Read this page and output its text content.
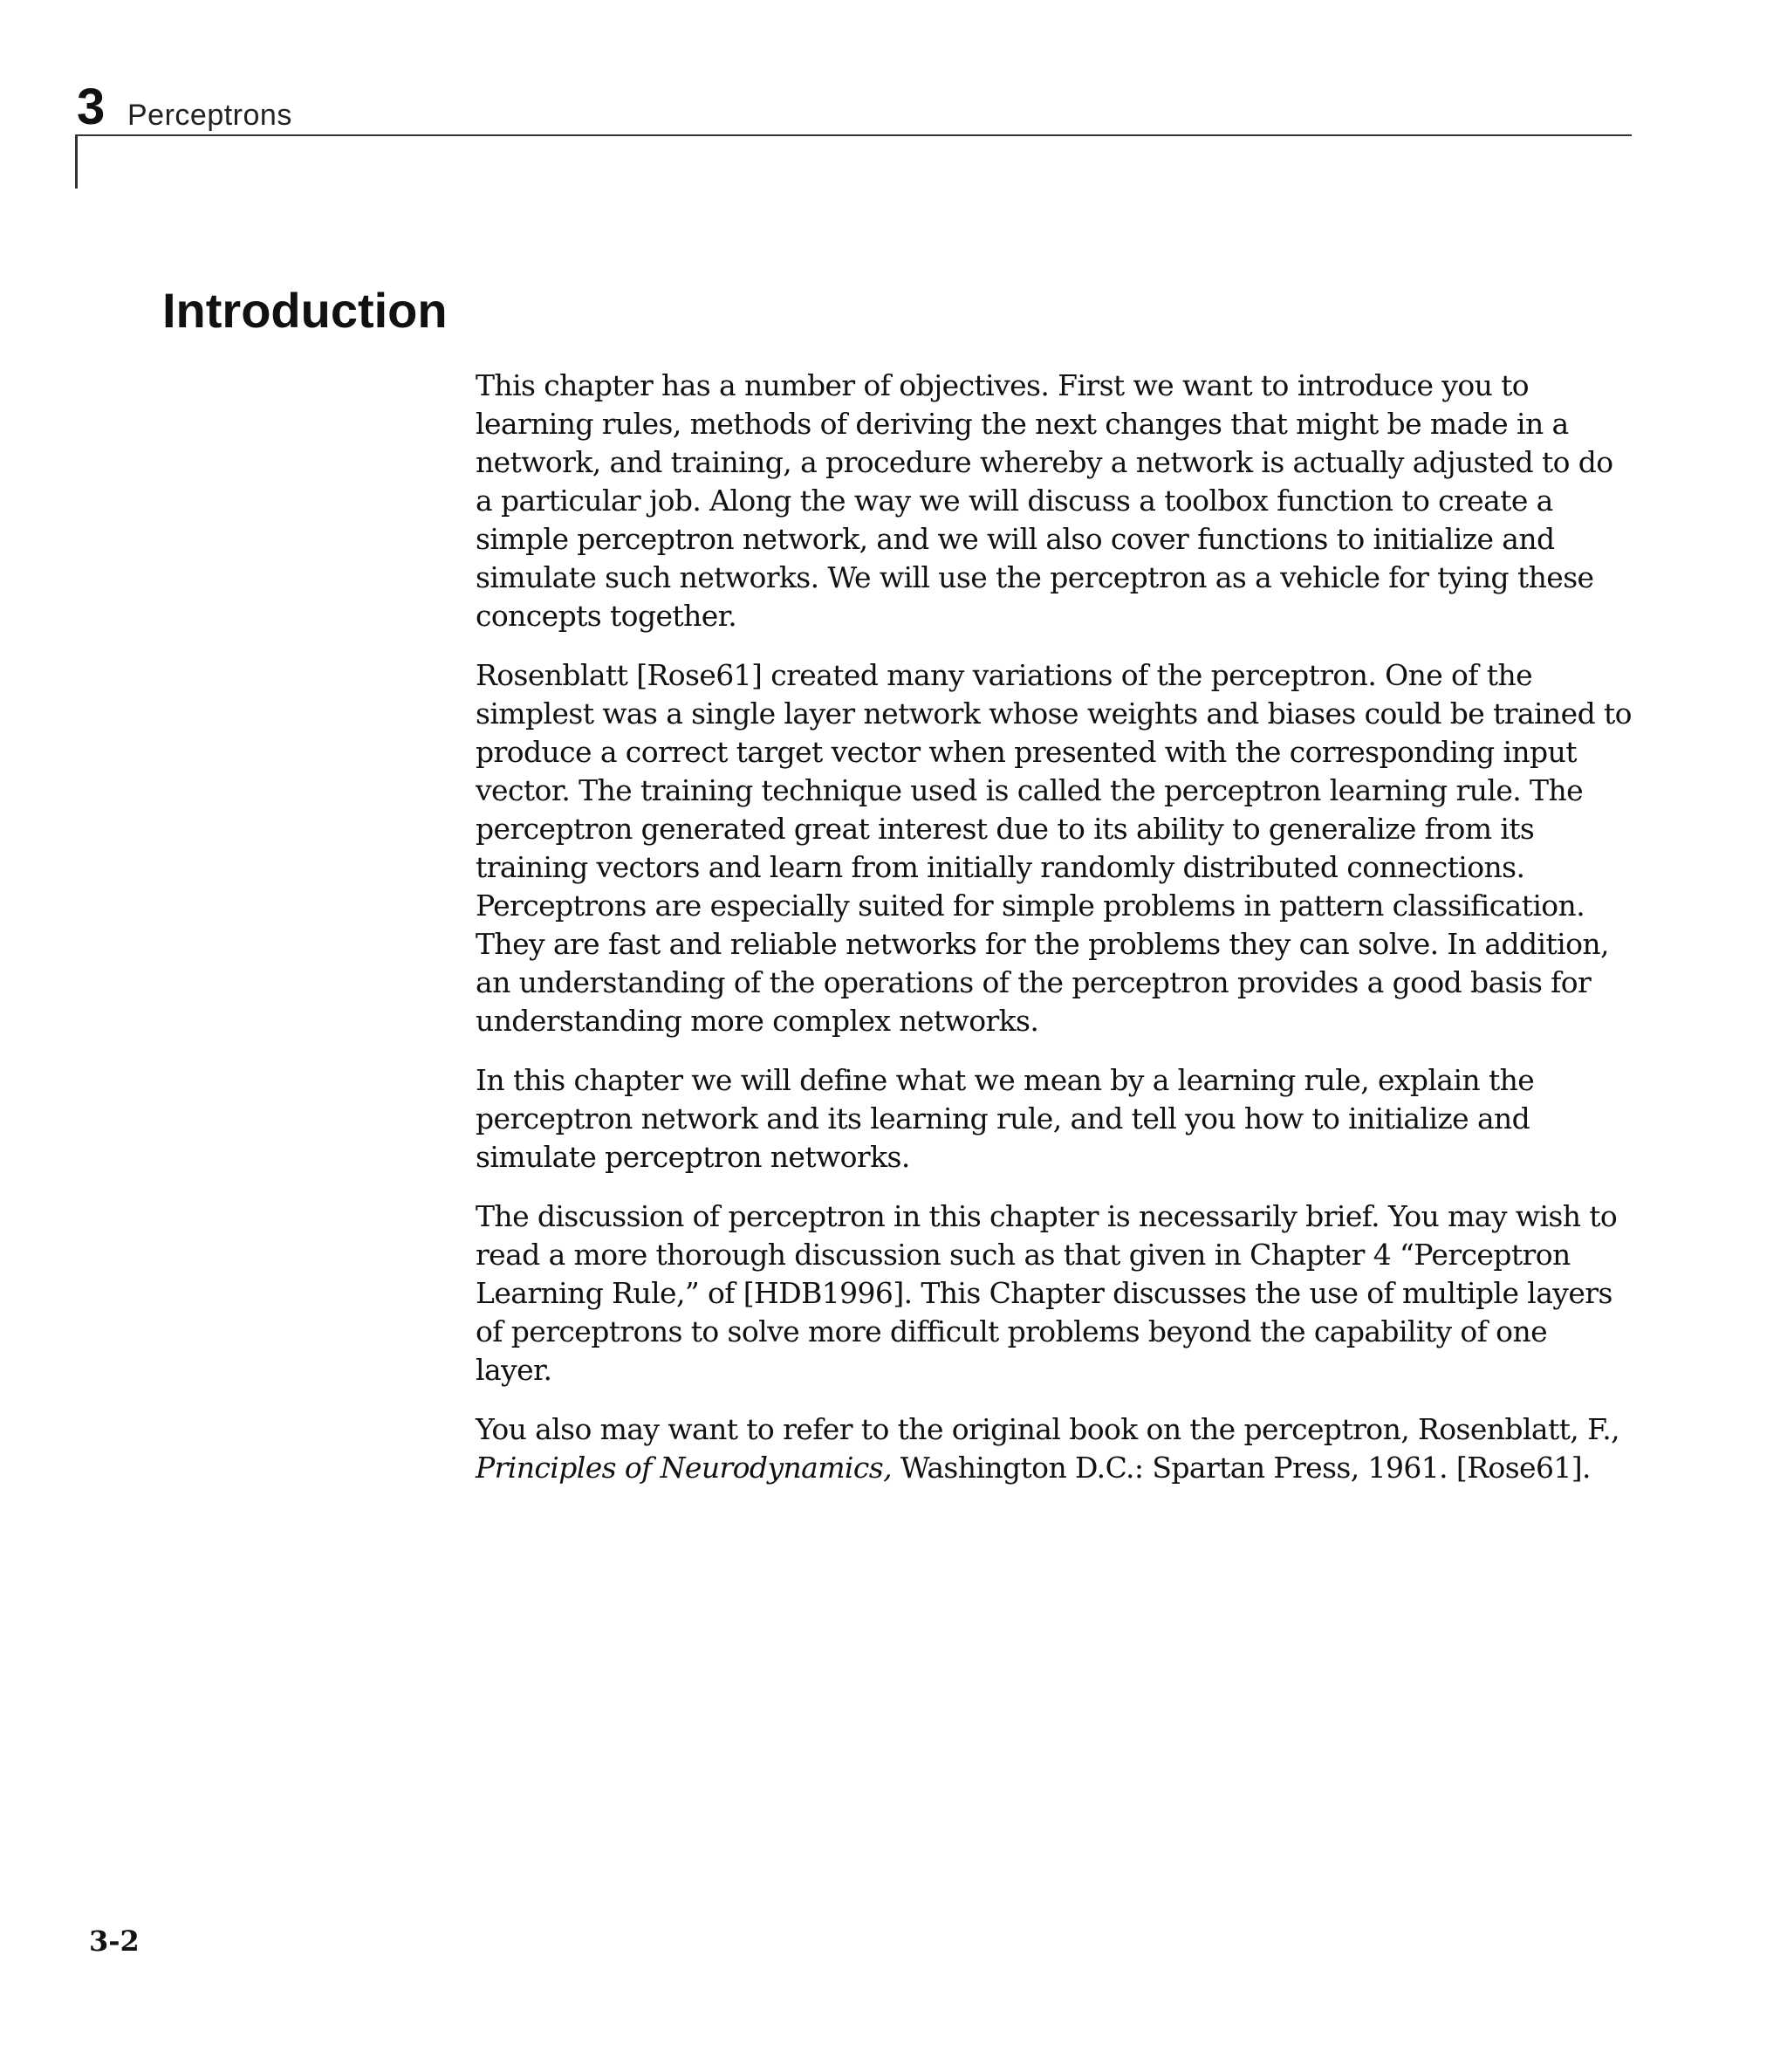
3 Perceptrons
Introduction

This chapter has a number of objectives. First we want to introduce you to learning rules, methods of deriving the next changes that might be made in a network, and training, a procedure whereby a network is actually adjusted to do a particular job. Along the way we will discuss a toolbox function to create a simple perceptron network, and we will also cover functions to initialize and simulate such networks. We will use the perceptron as a vehicle for tying these concepts together.

Rosenblatt [Rose61] created many variations of the perceptron. One of the simplest was a single layer network whose weights and biases could be trained to produce a correct target vector when presented with the corresponding input vector. The training technique used is called the perceptron learning rule. The perceptron generated great interest due to its ability to generalize from its training vectors and learn from initially randomly distributed connections. Perceptrons are especially suited for simple problems in pattern classification. They are fast and reliable networks for the problems they can solve. In addition, an understanding of the operations of the perceptron provides a good basis for understanding more complex networks.

In this chapter we will define what we mean by a learning rule, explain the perceptron network and its learning rule, and tell you how to initialize and simulate perceptron networks.

The discussion of perceptron in this chapter is necessarily brief. You may wish to read a more thorough discussion such as that given in Chapter 4 “Perceptron Learning Rule,” of [HDB1996]. This Chapter discusses the use of multiple layers of perceptrons to solve more difficult problems beyond the capability of one layer.

You also may want to refer to the original book on the perceptron, Rosenblatt, F., Principles of Neurodynamics, Washington D.C.: Spartan Press, 1961. [Rose61].

3-2
